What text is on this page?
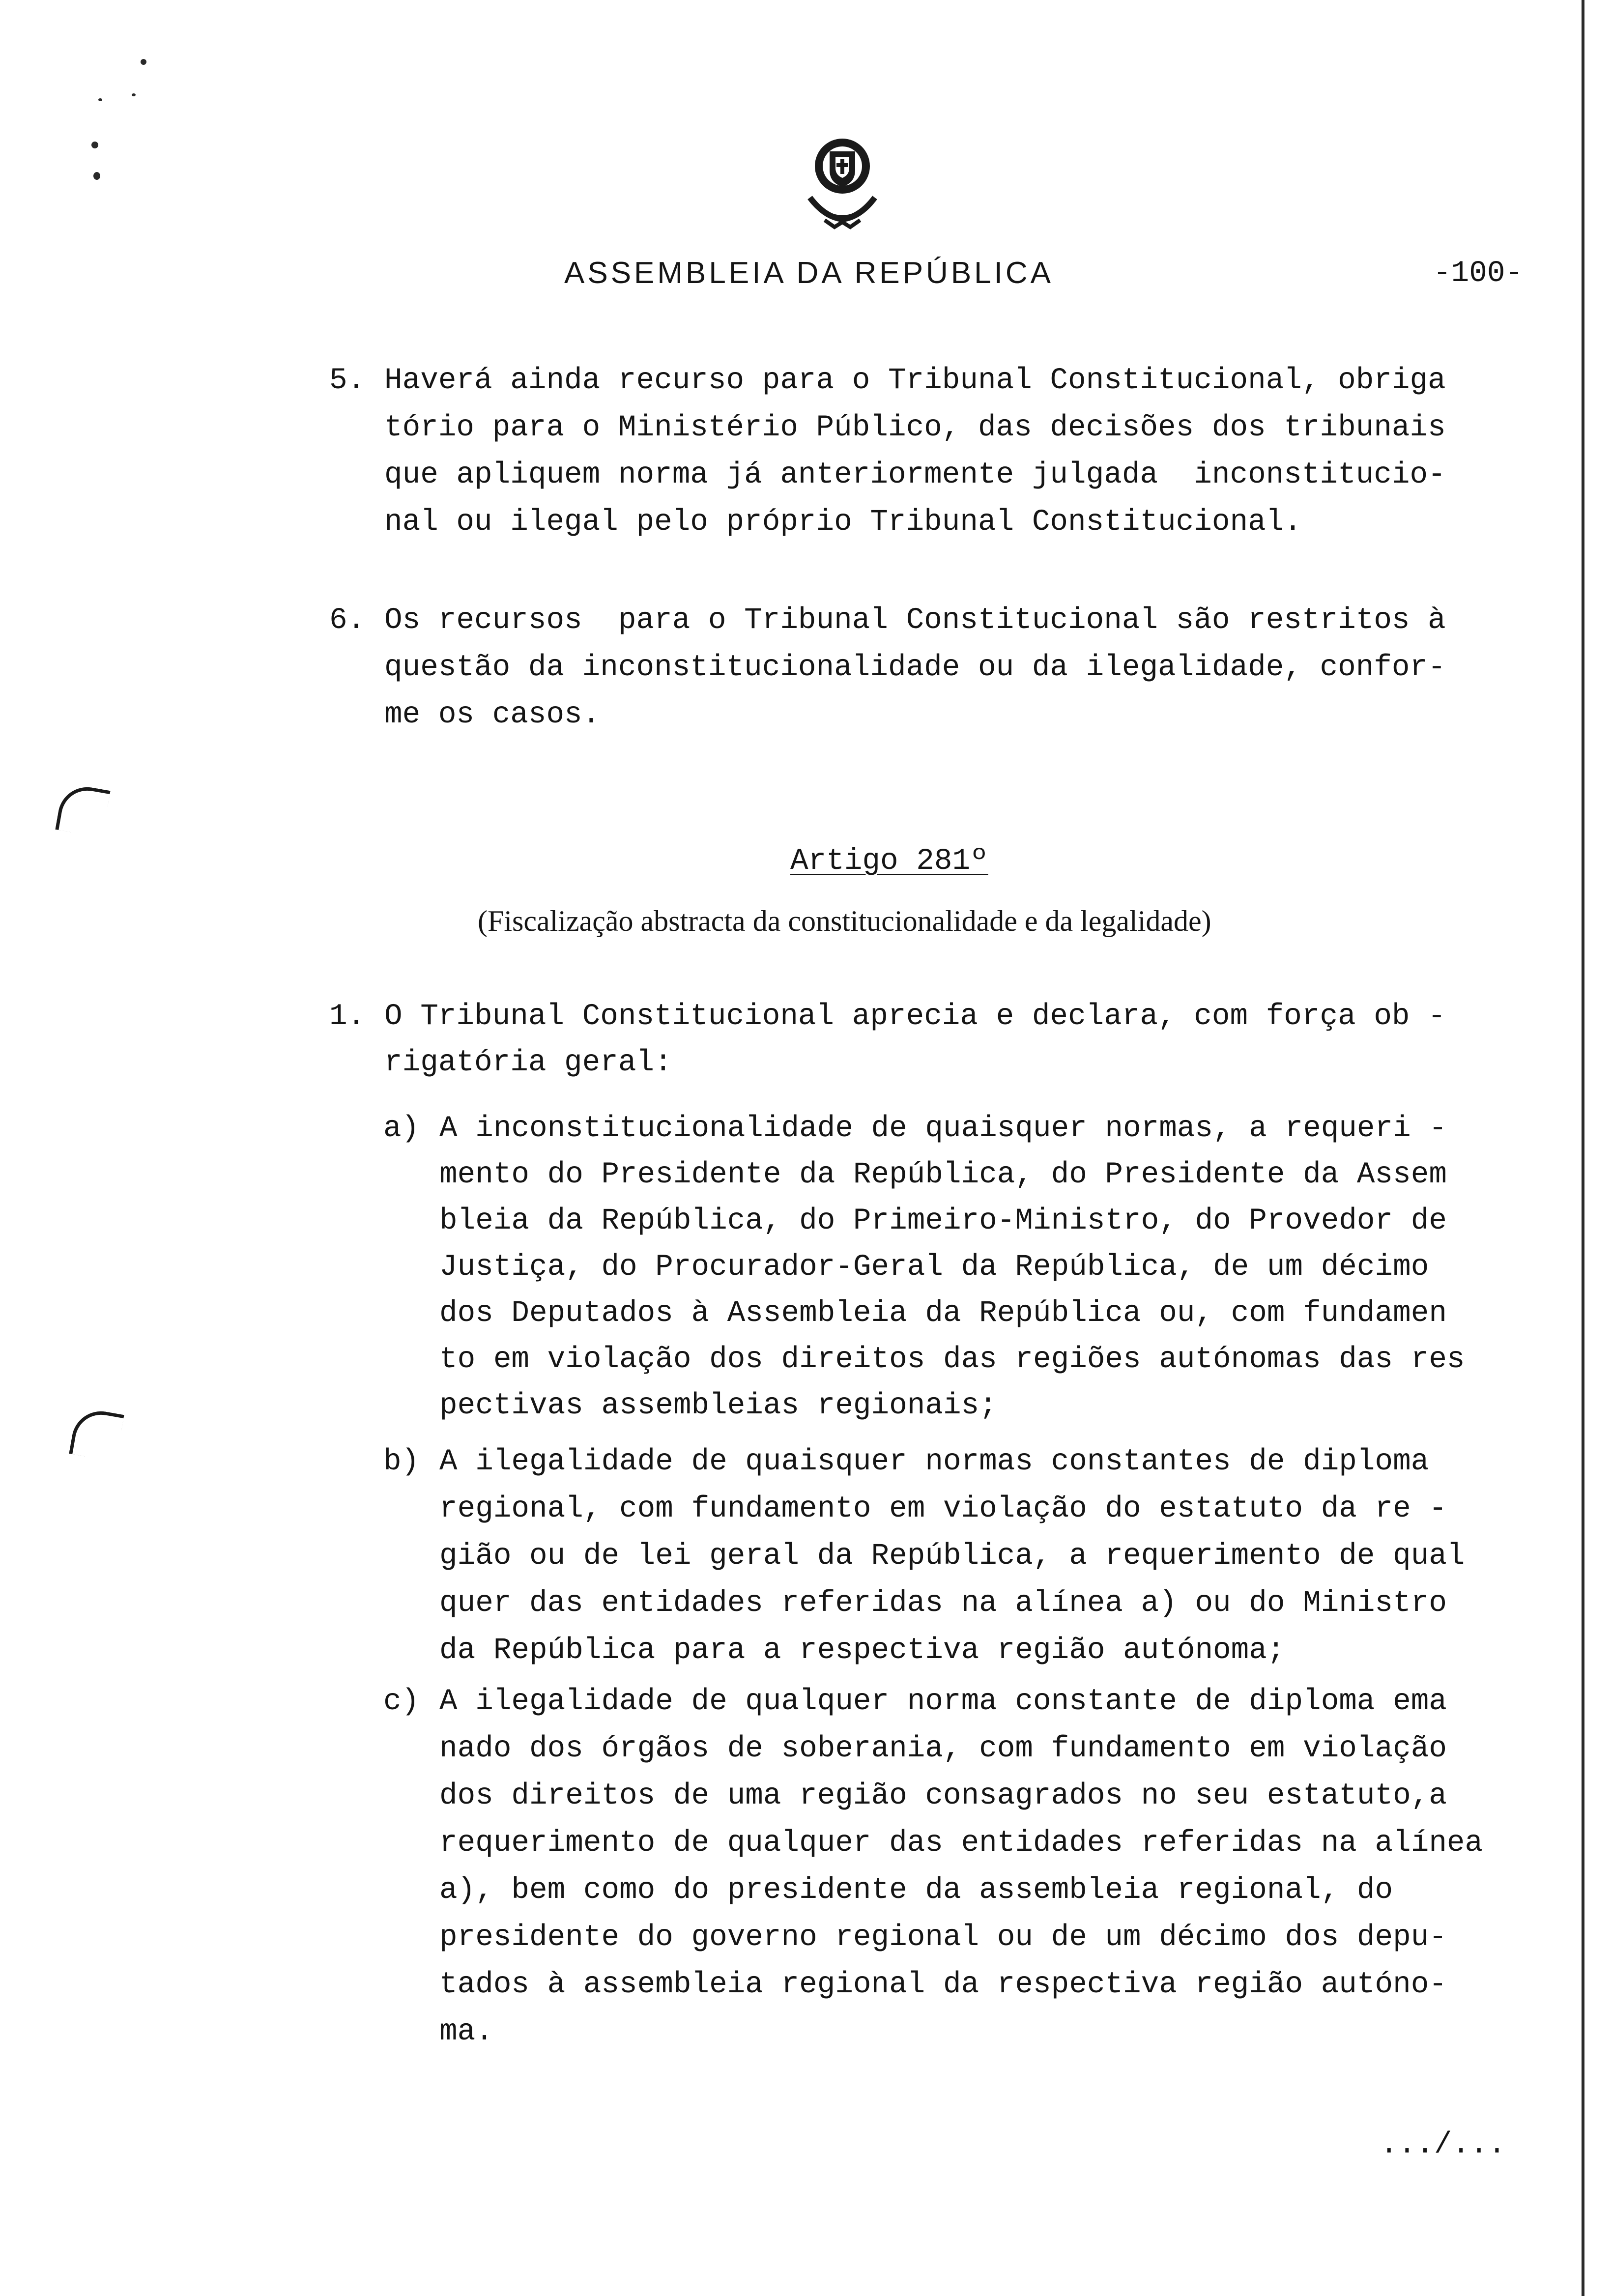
ASSEMBLEIA DA REPÚBLICA	-100-
5. Haverá ainda recurso para o Tribunal Constitucional, obriga
tório para o Ministério Público, das decisões dos tribunais
que apliquem norma já anteriormente julgada  inconstitucio-
nal ou ilegal pelo próprio Tribunal Constitucional.
6. Os recursos  para o Tribunal Constitucional são restritos à
questão da inconstitucionalidade ou da ilegalidade, confor-
me os casos.
Artigo 281º
(Fiscalização abstracta da constitucionalidade e da legalidade)
1. O Tribunal Constitucional aprecia e declara, com força ob -
rigatória geral:
a) A inconstitucionalidade de quaisquer normas, a requeri -
mento do Presidente da República, do Presidente da Assem
bleia da República, do Primeiro-Ministro, do Provedor de
Justiça, do Procurador-Geral da República, de um décimo
dos Deputados à Assembleia da República ou, com fundamen
to em violação dos direitos das regiões autónomas das res
pectivas assembleias regionais;
b) A ilegalidade de quaisquer normas constantes de diploma
regional, com fundamento em violação do estatuto da re -
gião ou de lei geral da República, a requerimento de qual
quer das entidades referidas na alínea a) ou do Ministro
da República para a respectiva região autónoma;
c) A ilegalidade de qualquer norma constante de diploma ema
nado dos órgãos de soberania, com fundamento em violação
dos direitos de uma região consagrados no seu estatuto,a
requerimento de qualquer das entidades referidas na alínea
a), bem como do presidente da assembleia regional, do
presidente do governo regional ou de um décimo dos depu-
tados à assembleia regional da respectiva região autóno-
ma.
.../...
